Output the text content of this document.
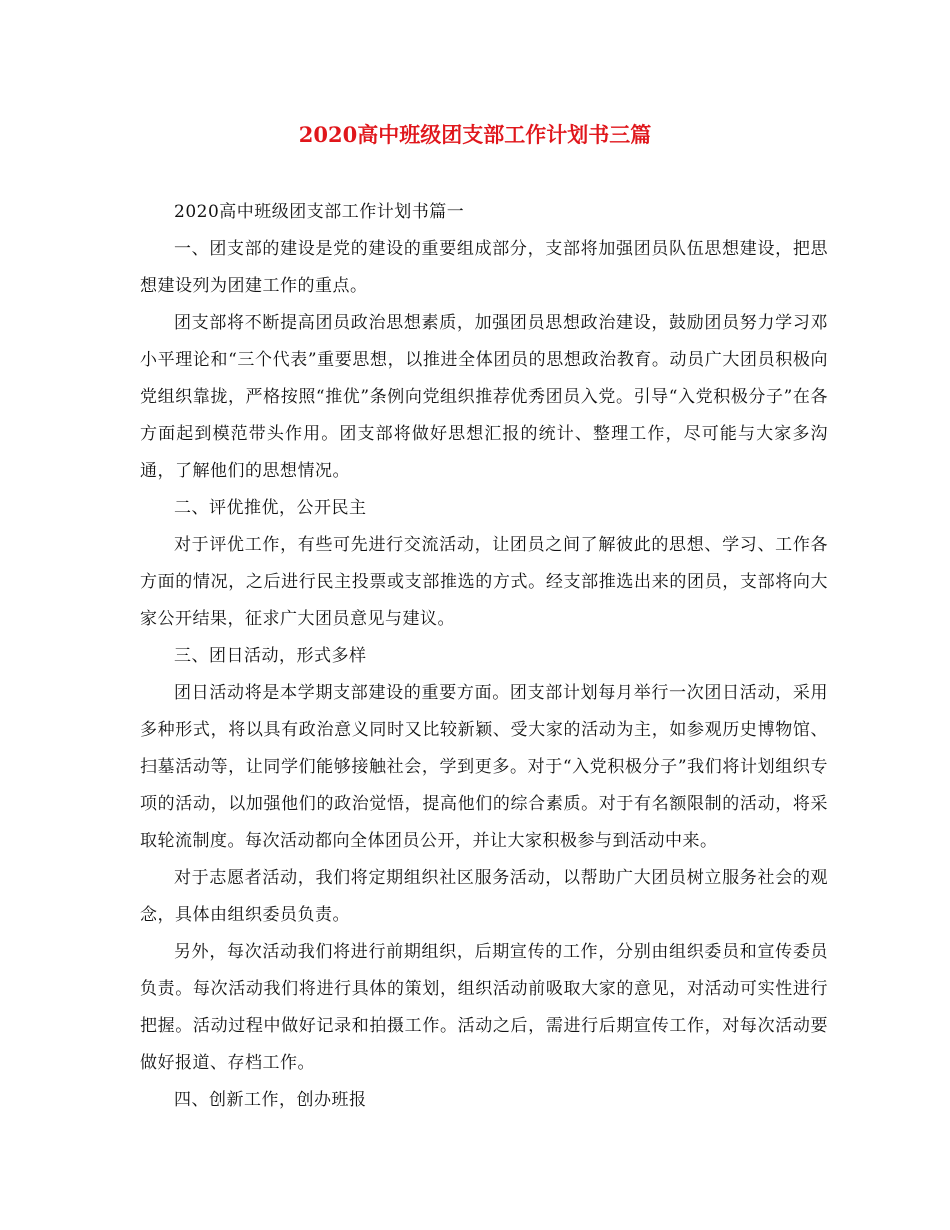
2020高中班级团支部工作计划书三篇

2020高中班级团支部工作计划书篇一

一、团支部的建设是党的建设的重要组成部分，支部将加强团员队伍思想建设，把思想建设列为团建工作的重点。

团支部将不断提高团员政治思想素质，加强团员思想政治建设，鼓励团员努力学习邓小平理论和“三个代表”重要思想，以推进全体团员的思想政治教育。动员广大团员积极向党组织靠拢，严格按照“推优”条例向党组织推荐优秀团员入党。引导“入党积极分子”在各方面起到模范带头作用。团支部将做好思想汇报的统计、整理工作，尽可能与大家多沟通，了解他们的思想情况。

二、评优推优，公开民主

对于评优工作，有些可先进行交流活动，让团员之间了解彼此的思想、学习、工作各方面的情况，之后进行民主投票或支部推选的方式。经支部推选出来的团员，支部将向大家公开结果，征求广大团员意见与建议。

三、团日活动，形式多样

团日活动将是本学期支部建设的重要方面。团支部计划每月举行一次团日活动，采用多种形式，将以具有政治意义同时又比较新颖、受大家的活动为主，如参观历史博物馆、扫墓活动等，让同学们能够接触社会，学到更多。对于“入党积极分子”我们将计划组织专项的活动，以加强他们的政治觉悟，提高他们的综合素质。对于有名额限制的活动，将采取轮流制度。每次活动都向全体团员公开，并让大家积极参与到活动中来。

对于志愿者活动，我们将定期组织社区服务活动，以帮助广大团员树立服务社会的观念，具体由组织委员负责。

另外，每次活动我们将进行前期组织，后期宣传的工作，分别由组织委员和宣传委员负责。每次活动我们将进行具体的策划，组织活动前吸取大家的意见，对活动可实性进行把握。活动过程中做好记录和拍摄工作。活动之后，需进行后期宣传工作，对每次活动要做好报道、存档工作。

四、创新工作，创办班报
